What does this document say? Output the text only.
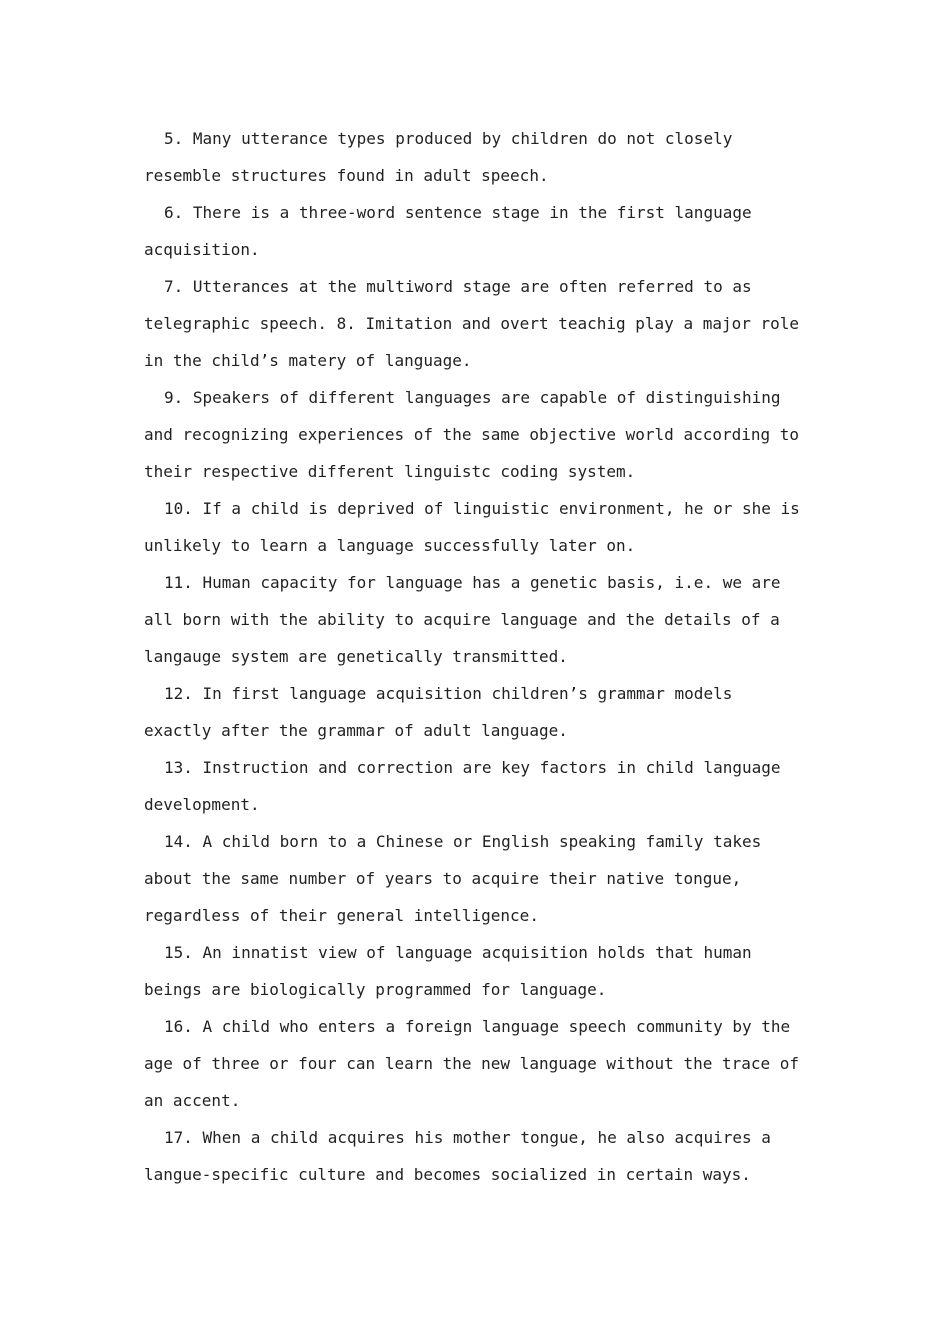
5. Many utterance types produced by children do not closely resemble structures found in adult speech.

6. There is a three-word sentence stage in the first language acquisition.

7. Utterances at the multiword stage are often referred to as telegraphic speech. 8. Imitation and overt teachig play a major role in the child’s matery of language.

9. Speakers of different languages are capable of distinguishing and recognizing experiences of the same objective world according to their respective different linguistc coding system.

10. If a child is deprived of linguistic environment, he or she is unlikely to learn a language successfully later on.

11. Human capacity for language has a genetic basis, i.e. we are all born with the ability to acquire language and the details of a langauge system are genetically transmitted.

12. In first language acquisition children’s grammar models exactly after the grammar of adult language.

13. Instruction and correction are key factors in child language development.

14. A child born to a Chinese or English speaking family takes about the same number of years to acquire their native tongue, regardless of their general intelligence.

15. An innatist view of language acquisition holds that human beings are biologically programmed for language.

16. A child who enters a foreign language speech community by the age of three or four can learn the new language without the trace of an accent.

17. When a child acquires his mother tongue, he also acquires a langue-specific culture and becomes socialized in certain ways.
